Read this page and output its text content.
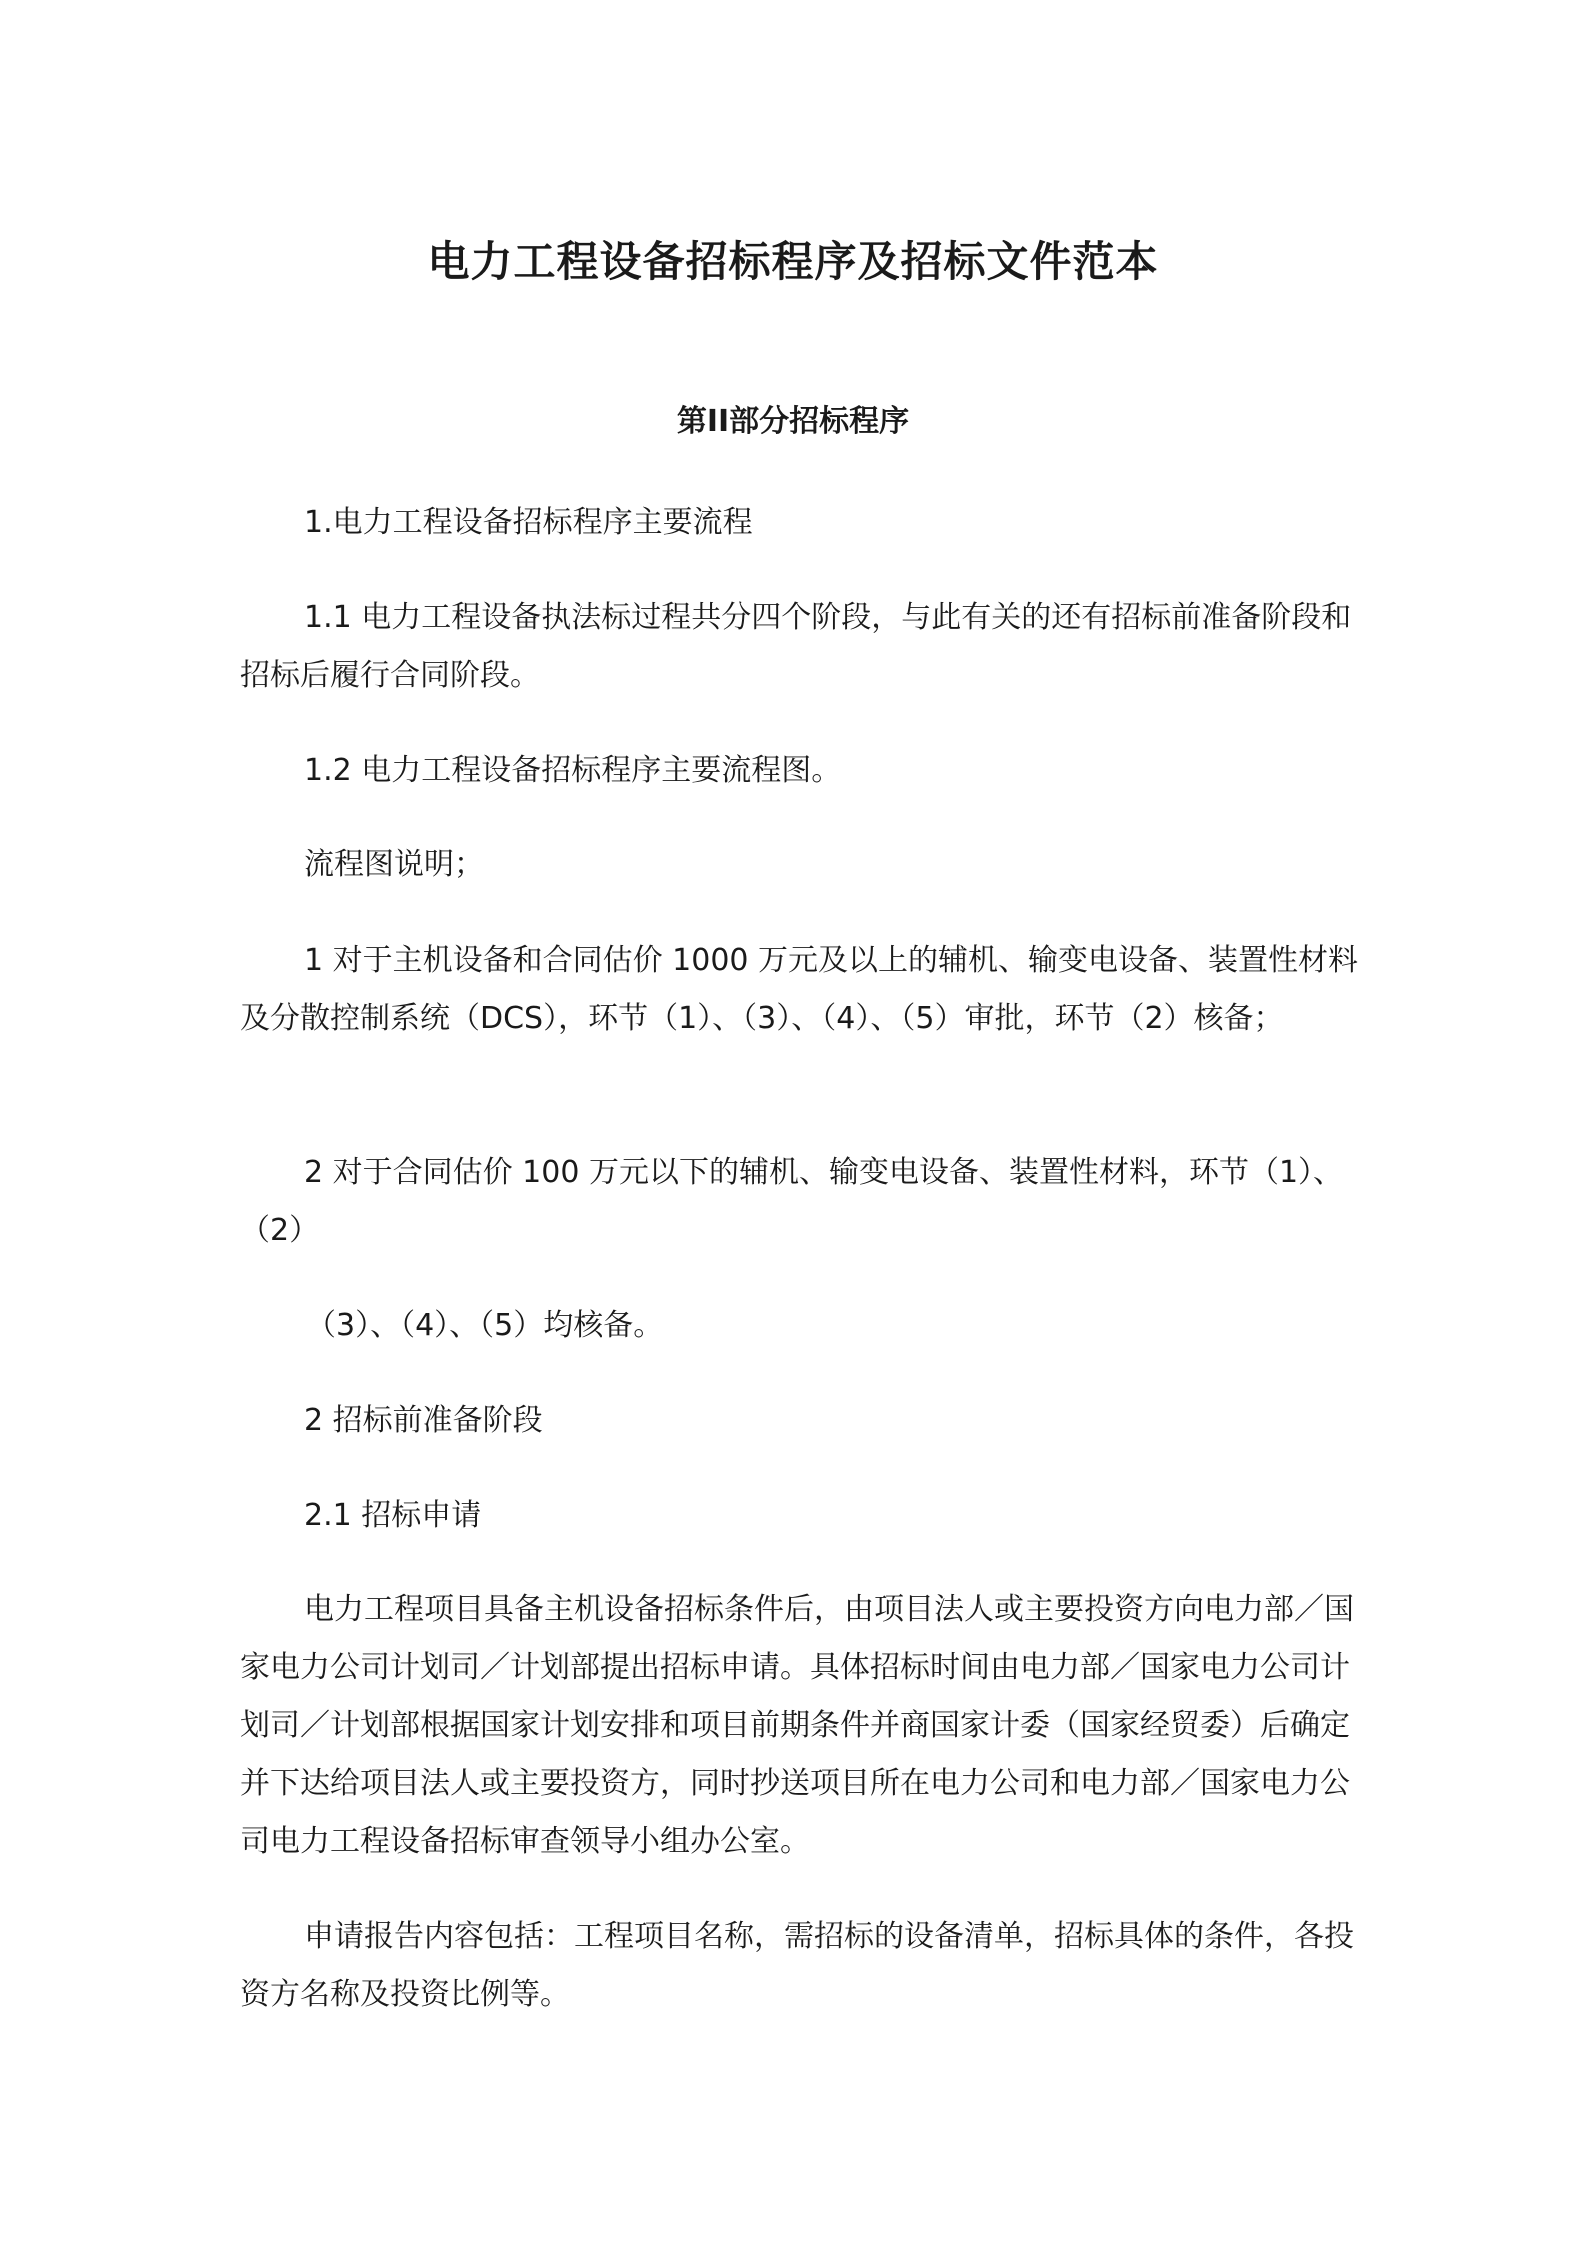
电力工程设备招标程序及招标文件范本
第II部分招标程序

1.电力工程设备招标程序主要流程

1.1 电力工程设备执法标过程共分四个阶段，与此有关的还有招标前准备阶段和招标后履行合同阶段。

1.2 电力工程设备招标程序主要流程图。

流程图说明；

1 对于主机设备和合同估价 1000 万元及以上的辅机、输变电设备、装置性材料及分散控制系统（DCS），环节（1）、（3）、（4）、（5）审批，环节（2）核备；

2 对于合同估价 100 万元以下的辅机、输变电设备、装置性材料，环节（1）、（2）

（3）、（4）、（5）均核备。

2 招标前准备阶段

2.1 招标申请

电力工程项目具备主机设备招标条件后，由项目法人或主要投资方向电力部／国家电力公司计划司／计划部提出招标申请。具体招标时间由电力部／国家电力公司计划司／计划部根据国家计划安排和项目前期条件并商国家计委（国家经贸委）后确定并下达给项目法人或主要投资方，同时抄送项目所在电力公司和电力部／国家电力公司电力工程设备招标审查领导小组办公室。

申请报告内容包括：工程项目名称，需招标的设备清单，招标具体的条件，各投资方名称及投资比例等。
